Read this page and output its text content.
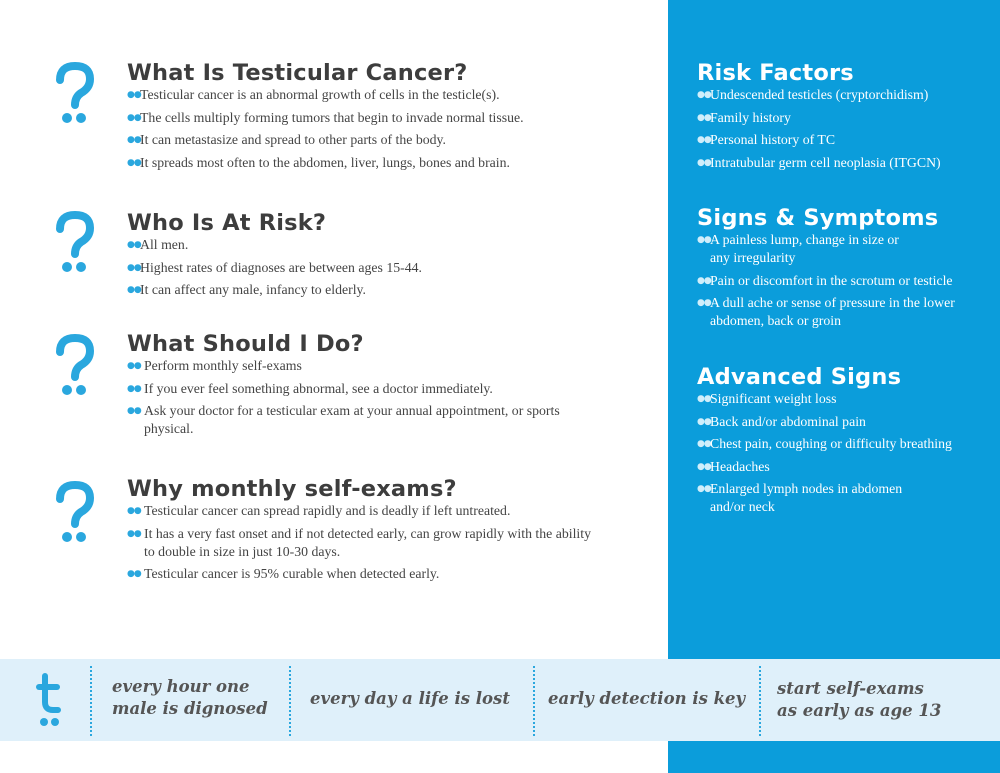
What Is Testicular Cancer?
●● Testicular cancer is an abnormal growth of cells in the testicle(s).
●● The cells multiply forming tumors that begin to invade normal tissue.
●● It can metastasize and spread to other parts of the body.
●● It spreads most often to the abdomen, liver, lungs, bones and brain.
Who Is At Risk?
●● All men.
●● Highest rates of diagnoses are between ages 15-44.
●● It can affect any male, infancy to elderly.
What Should I Do?
●● Perform monthly self-exams
●● If you ever feel something abnormal, see a doctor immediately.
●● Ask your doctor for a testicular exam at your annual appointment, or sports physical.
Why monthly self-exams?
●● Testicular cancer can spread rapidly and is deadly if left untreated.
●● It has a very fast onset and if not detected early, can grow rapidly with the ability to double in size in just 10-30 days.
●● Testicular cancer is 95% curable when detected early.
Risk Factors
●● Undescended testicles (cryptorchidism)
●● Family history
●● Personal history of TC
●● Intratubular germ cell neoplasia (ITGCN)
Signs & Symptoms
●● A painless lump, change in size or any irregularity
●● Pain or discomfort in the scrotum or testicle
●● A dull ache or sense of pressure in the lower abdomen, back or groin
Advanced Signs
●● Significant weight loss
●● Back and/or abdominal pain
●● Chest pain, coughing or difficulty breathing
●● Headaches
●● Enlarged lymph nodes in abdomen and/or neck

every hour one
male is dignosed

every day a life is lost early detection is key

start self-exams
as early as age 13
